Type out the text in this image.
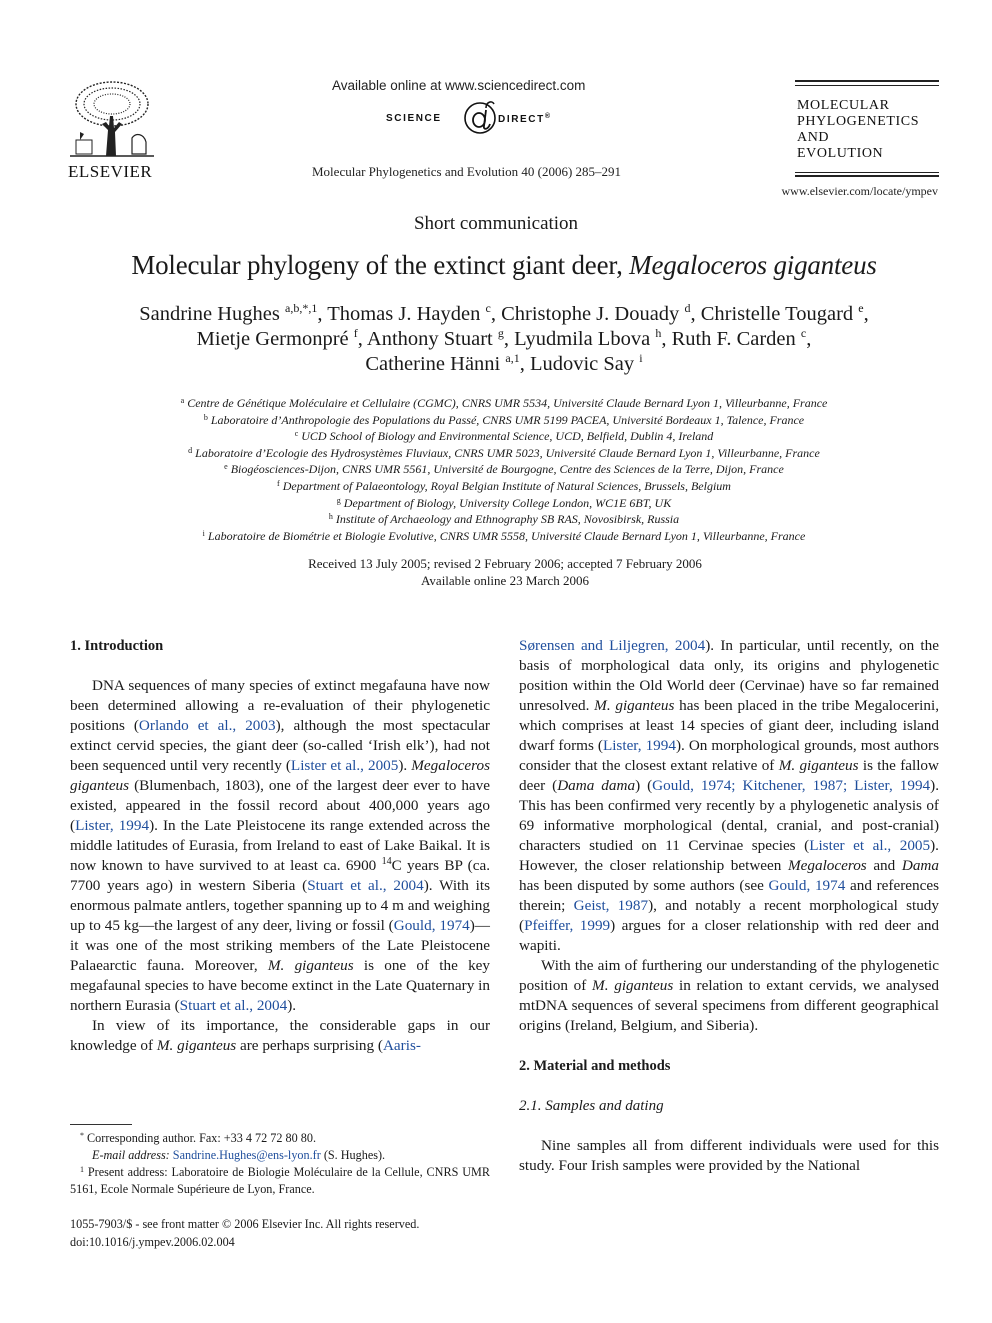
ELSEVIER
Available online at www.sciencedirect.com
SCIENCE	DIRECT®
Molecular Phylogenetics and Evolution 40 (2006) 285–291
MOLECULAR
PHYLOGENETICS
AND
EVOLUTION
www.elsevier.com/locate/ympev
Short communication
Molecular phylogeny of the extinct giant deer, Megaloceros giganteus
Sandrine Hughes $^{a,b,*,1}$, Thomas J. Hayden $^c$, Christophe J. Douady $^d$, Christelle Tougard $^e$,
Mietje Germonpré $^f$, Anthony Stuart $^g$, Lyudmila Lbova $^h$, Ruth F. Carden $^c$,
Catherine Hänni $^{a,1}$, Ludovic Say $^i$
$^a$ Centre de Génétique Moléculaire et Cellulaire (CGMC), CNRS UMR 5534, Université Claude Bernard Lyon 1, Villeurbanne, France
$^b$ Laboratoire d’Anthropologie des Populations du Passé, CNRS UMR 5199 PACEA, Université Bordeaux 1, Talence, France
$^c$ UCD School of Biology and Environmental Science, UCD, Belfield, Dublin 4, Ireland
$^d$ Laboratoire d’Ecologie des Hydrosystèmes Fluviaux, CNRS UMR 5023, Université Claude Bernard Lyon 1, Villeurbanne, France
$^e$ Biogéosciences-Dijon, CNRS UMR 5561, Université de Bourgogne, Centre des Sciences de la Terre, Dijon, France
$^f$ Department of Palaeontology, Royal Belgian Institute of Natural Sciences, Brussels, Belgium
$^g$ Department of Biology, University College London, WC1E 6BT, UK
$^h$ Institute of Archaeology and Ethnography SB RAS, Novosibirsk, Russia
$^i$ Laboratoire de Biométrie et Biologie Evolutive, CNRS UMR 5558, Université Claude Bernard Lyon 1, Villeurbanne, France
Received 13 July 2005; revised 2 February 2006; accepted 7 February 2006
Available online 23 March 2006

1. Introduction

DNA sequences of many species of extinct megafauna have now been determined allowing a re-evaluation of their phylogenetic positions (Orlando et al., 2003), although the most spectacular extinct cervid species, the giant deer (so-called ‘Irish elk’), had not been sequenced until very recently (Lister et al., 2005). Megaloceros giganteus (Blumenbach, 1803), one of the largest deer ever to have existed, appeared in the fossil record about 400,000 years ago (Lister, 1994). In the Late Pleistocene its range extended across the middle latitudes of Eurasia, from Ireland to east of Lake Baikal. It is now known to have survived to at least ca. 6900 $^{14}$C years BP (ca. 7700 years ago) in western Siberia (Stuart et al., 2004). With its enormous palmate antlers, together spanning up to 4 m and weighing up to 45 kg—the largest of any deer, living or fossil (Gould, 1974)—it was one of the most striking members of the Late Pleistocene Palaearctic fauna. Moreover, M. giganteus is one of the key megafaunal species to have become extinct in the Late Quaternary in northern Eurasia (Stuart et al., 2004).

In view of its importance, the considerable gaps in our knowledge of M. giganteus are perhaps surprising (Aaris-

Sørensen and Liljegren, 2004). In particular, until recently, on the basis of morphological data only, its origins and phylogenetic position within the Old World deer (Cervinae) have so far remained unresolved. M. giganteus has been placed in the tribe Megalocerini, which comprises at least 14 species of giant deer, including island dwarf forms (Lister, 1994). On morphological grounds, most authors consider that the closest extant relative of M. giganteus is the fallow deer (Dama dama) (Gould, 1974; Kitchener, 1987; Lister, 1994). This has been confirmed very recently by a phylogenetic analysis of 69 informative morphological (dental, cranial, and post-cranial) characters studied on 11 Cervinae species (Lister et al., 2005). However, the closer relationship between Megaloceros and Dama has been disputed by some authors (see Gould, 1974 and references therein; Geist, 1987), and notably a recent morphological study (Pfeiffer, 1999) argues for a closer relationship with red deer and wapiti.

With the aim of furthering our understanding of the phylogenetic position of M. giganteus in relation to extant cervids, we analysed mtDNA sequences of several specimens from different geographical origins (Ireland, Belgium, and Siberia).

2. Material and methods

2.1. Samples and dating

Nine samples all from different individuals were used for this study. Four Irish samples were provided by the National

* Corresponding author. Fax: +33 4 72 72 80 80.

E-mail address: Sandrine.Hughes@ens-lyon.fr (S. Hughes).

$^1$ Present address: Laboratoire de Biologie Moléculaire de la Cellule, CNRS UMR 5161, Ecole Normale Supérieure de Lyon, France.

1055-7903/$ - see front matter © 2006 Elsevier Inc. All rights reserved.
doi:10.1016/j.ympev.2006.02.004
